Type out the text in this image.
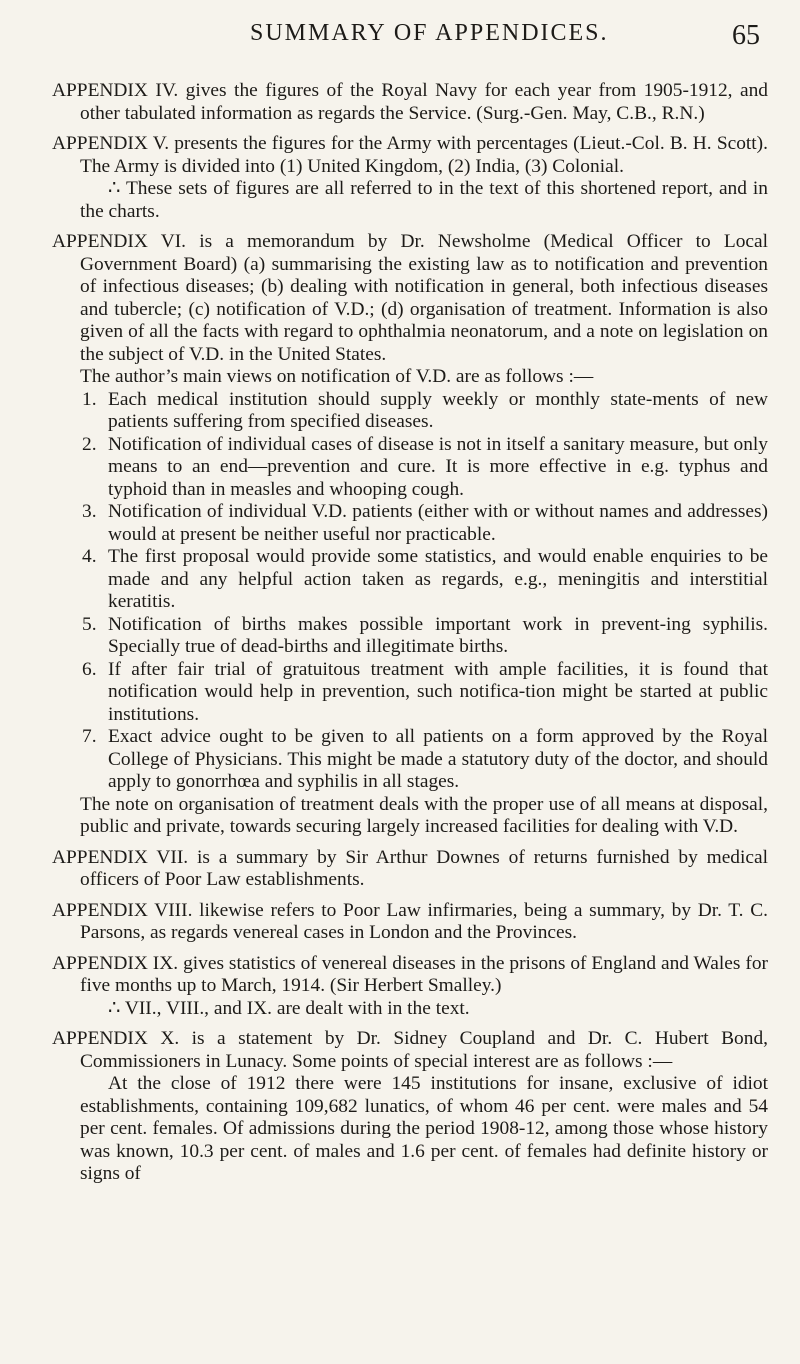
SUMMARY OF APPENDICES.	65

APPENDIX IV. gives the figures of the Royal Navy for each year from 1905-1912, and other tabulated information as regards the Service. (Surg.-Gen. May, C.B., R.N.)

APPENDIX V. presents the figures for the Army with percentages (Lieut.-Col. B. H. Scott). The Army is divided into (1) United Kingdom, (2) India, (3) Colonial.

∴ These sets of figures are all referred to in the text of this shortened report, and in the charts.

APPENDIX VI. is a memorandum by Dr. Newsholme (Medical Officer to Local Government Board) (a) summarising the existing law as to notification and prevention of infectious diseases; (b) dealing with notification in general, both infectious diseases and tubercle; (c) notification of V.D.; (d) organisation of treatment. Information is also given of all the facts with regard to ophthalmia neonatorum, and a note on legislation on the subject of V.D. in the United States.

The author’s main views on notification of V.D. are as follows :—

1. Each medical institution should supply weekly or monthly state-ments of new patients suffering from specified diseases.
2. Notification of individual cases of disease is not in itself a sanitary measure, but only means to an end—prevention and cure. It is more effective in e.g. typhus and typhoid than in measles and whooping cough.
3. Notification of individual V.D. patients (either with or without names and addresses) would at present be neither useful nor practicable.
4. The first proposal would provide some statistics, and would enable enquiries to be made and any helpful action taken as regards, e.g., meningitis and interstitial keratitis.
5. Notification of births makes possible important work in prevent-ing syphilis. Specially true of dead-births and illegitimate births.
6. If after fair trial of gratuitous treatment with ample facilities, it is found that notification would help in prevention, such notifica-tion might be started at public institutions.
7. Exact advice ought to be given to all patients on a form approved by the Royal College of Physicians. This might be made a statutory duty of the doctor, and should apply to gonorrhœa and syphilis in all stages.

The note on organisation of treatment deals with the proper use of all means at disposal, public and private, towards securing largely increased facilities for dealing with V.D.

APPENDIX VII. is a summary by Sir Arthur Downes of returns furnished by medical officers of Poor Law establishments.

APPENDIX VIII. likewise refers to Poor Law infirmaries, being a summary, by Dr. T. C. Parsons, as regards venereal cases in London and the Provinces.

APPENDIX IX. gives statistics of venereal diseases in the prisons of England and Wales for five months up to March, 1914. (Sir Herbert Smalley.)

∴ VII., VIII., and IX. are dealt with in the text.

APPENDIX X. is a statement by Dr. Sidney Coupland and Dr. C. Hubert Bond, Commissioners in Lunacy. Some points of special interest are as follows :—

At the close of 1912 there were 145 institutions for insane, exclusive of idiot establishments, containing 109,682 lunatics, of whom 46 per cent. were males and 54 per cent. females. Of admissions during the period 1908-12, among those whose history was known, 10.3 per cent. of males and 1.6 per cent. of females had definite history or signs of
